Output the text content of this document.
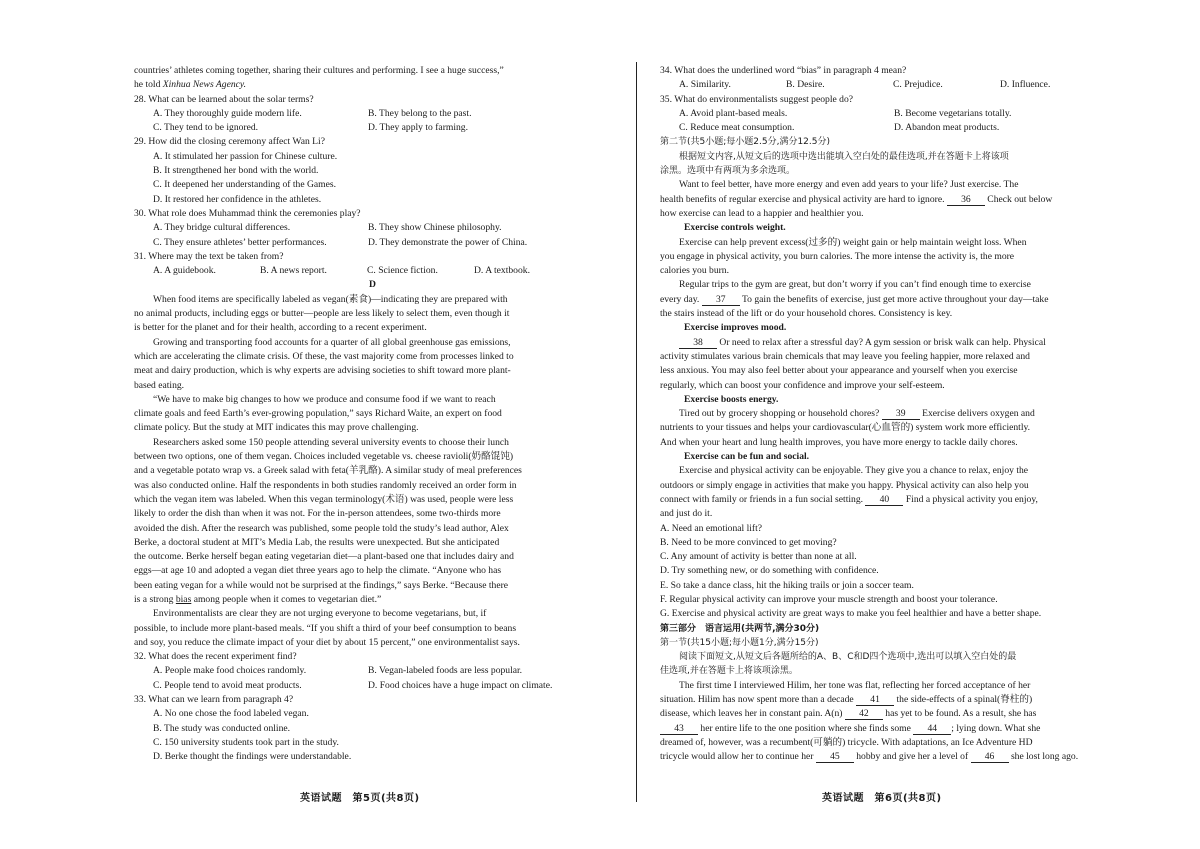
countries’ athletes coming together, sharing their cultures and performing. I see a huge success,”
he told Xinhua News Agency.
28. What can be learned about the solar terms?
A. They thoroughly guide modern life.	B. They belong to the past.
C. They tend to be ignored.	D. They apply to farming.
29. How did the closing ceremony affect Wan Li?
A. It stimulated her passion for Chinese culture.
B. It strengthened her bond with the world.
C. It deepened her understanding of the Games.
D. It restored her confidence in the athletes.
30. What role does Muhammad think the ceremonies play?
A. They bridge cultural differences.	B. They show Chinese philosophy.
C. They ensure athletes’ better performances.	D. They demonstrate the power of China.
31. Where may the text be taken from?
A. A guidebook.	B. A news report.	C. Science fiction.	D. A textbook.
D
When food items are specifically labeled as vegan(素食)—indicating they are prepared with
no animal products, including eggs or butter—people are less likely to select them, even though it
is better for the planet and for their health, according to a recent experiment.
Growing and transporting food accounts for a quarter of all global greenhouse gas emissions,
which are accelerating the climate crisis. Of these, the vast majority come from processes linked to
meat and dairy production, which is why experts are advising societies to shift toward more plant-
based eating.
“We have to make big changes to how we produce and consume food if we want to reach
climate goals and feed Earth’s ever-growing population,” says Richard Waite, an expert on food
climate policy. But the study at MIT indicates this may prove challenging.
Researchers asked some 150 people attending several university events to choose their lunch
between two options, one of them vegan. Choices included vegetable vs. cheese ravioli(奶酪馄饨)
and a vegetable potato wrap vs. a Greek salad with feta(羊乳酪). A similar study of meal preferences
was also conducted online. Half the respondents in both studies randomly received an order form in
which the vegan item was labeled. When this vegan terminology(术语) was used, people were less
likely to order the dish than when it was not. For the in-person attendees, some two-thirds more
avoided the dish. After the research was published, some people told the study’s lead author, Alex
Berke, a doctoral student at MIT’s Media Lab, the results were unexpected. But she anticipated
the outcome. Berke herself began eating vegetarian diet—a plant-based one that includes dairy and
eggs—at age 10 and adopted a vegan diet three years ago to help the climate. “Anyone who has
been eating vegan for a while would not be surprised at the findings,” says Berke. “Because there
is a strong bias among people when it comes to vegetarian diet.”
Environmentalists are clear they are not urging everyone to become vegetarians, but, if
possible, to include more plant-based meals. “If you shift a third of your beef consumption to beans
and soy, you reduce the climate impact of your diet by about 15 percent,” one environmentalist says.
32. What does the recent experiment find?
A. People make food choices randomly.	B. Vegan-labeled foods are less popular.
C. People tend to avoid meat products.	D. Food choices have a huge impact on climate.
33. What can we learn from paragraph 4?
A. No one chose the food labeled vegan.
B. The study was conducted online.
C. 150 university students took part in the study.
D. Berke thought the findings were understandable.
34. What does the underlined word “bias” in paragraph 4 mean?
A. Similarity.	B. Desire.	C. Prejudice.	D. Influence.
35. What do environmentalists suggest people do?
A. Avoid plant-based meals.	B. Become vegetarians totally.
C. Reduce meat consumption.	D. Abandon meat products.
第二节(共5小题;每小题2.5分,满分12.5分)
根据短文内容,从短文后的选项中选出能填入空白处的最佳选项,并在答题卡上将该项
涂黑。选项中有两项为多余选项。
Want to feel better, have more energy and even add years to your life? Just exercise. The
health benefits of regular exercise and physical activity are hard to ignore. 36 Check out below
how exercise can lead to a happier and healthier you.
Exercise controls weight.
Exercise can help prevent excess(过多的) weight gain or help maintain weight loss. When
you engage in physical activity, you burn calories. The more intense the activity is, the more
calories you burn.
Regular trips to the gym are great, but don’t worry if you can’t find enough time to exercise
every day. 37 To gain the benefits of exercise, just get more active throughout your day—take
the stairs instead of the lift or do your household chores. Consistency is key.
Exercise improves mood.
38 Or need to relax after a stressful day? A gym session or brisk walk can help. Physical
activity stimulates various brain chemicals that may leave you feeling happier, more relaxed and
less anxious. You may also feel better about your appearance and yourself when you exercise
regularly, which can boost your confidence and improve your self-esteem.
Exercise boosts energy.
Tired out by grocery shopping or household chores? 39 Exercise delivers oxygen and
nutrients to your tissues and helps your cardiovascular(心血管的) system work more efficiently.
And when your heart and lung health improves, you have more energy to tackle daily chores.
Exercise can be fun and social.
Exercise and physical activity can be enjoyable. They give you a chance to relax, enjoy the
outdoors or simply engage in activities that make you happy. Physical activity can also help you
connect with family or friends in a fun social setting. 40 Find a physical activity you enjoy,
and just do it.
A. Need an emotional lift?
B. Need to be more convinced to get moving?
C. Any amount of activity is better than none at all.
D. Try something new, or do something with confidence.
E. So take a dance class, hit the hiking trails or join a soccer team.
F. Regular physical activity can improve your muscle strength and boost your tolerance.
G. Exercise and physical activity are great ways to make you feel healthier and have a better shape.
第三部分　语言运用(共两节,满分30分)
第一节(共15小题;每小题1分,满分15分)
阅读下面短文,从短文后各题所给的A、B、C和D四个选项中,选出可以填入空白处的最
佳选项,并在答题卡上将该项涂黑。
The first time I interviewed Hilim, her tone was flat, reflecting her forced acceptance of her
situation. Hilim has now spent more than a decade 41 the side-effects of a spinal(脊柱的)
disease, which leaves her in constant pain. A(n) 42 has yet to be found. As a result, she has
43 her entire life to the one position where she finds some 44 ; lying down. What she
dreamed of, however, was a recumbent(可躺的) tricycle. With adaptations, an Ice Adventure HD
tricycle would allow her to continue her 45 hobby and give her a level of 46 she lost long ago.
英语试题　第5页(共8页)	英语试题　第6页(共8页)
